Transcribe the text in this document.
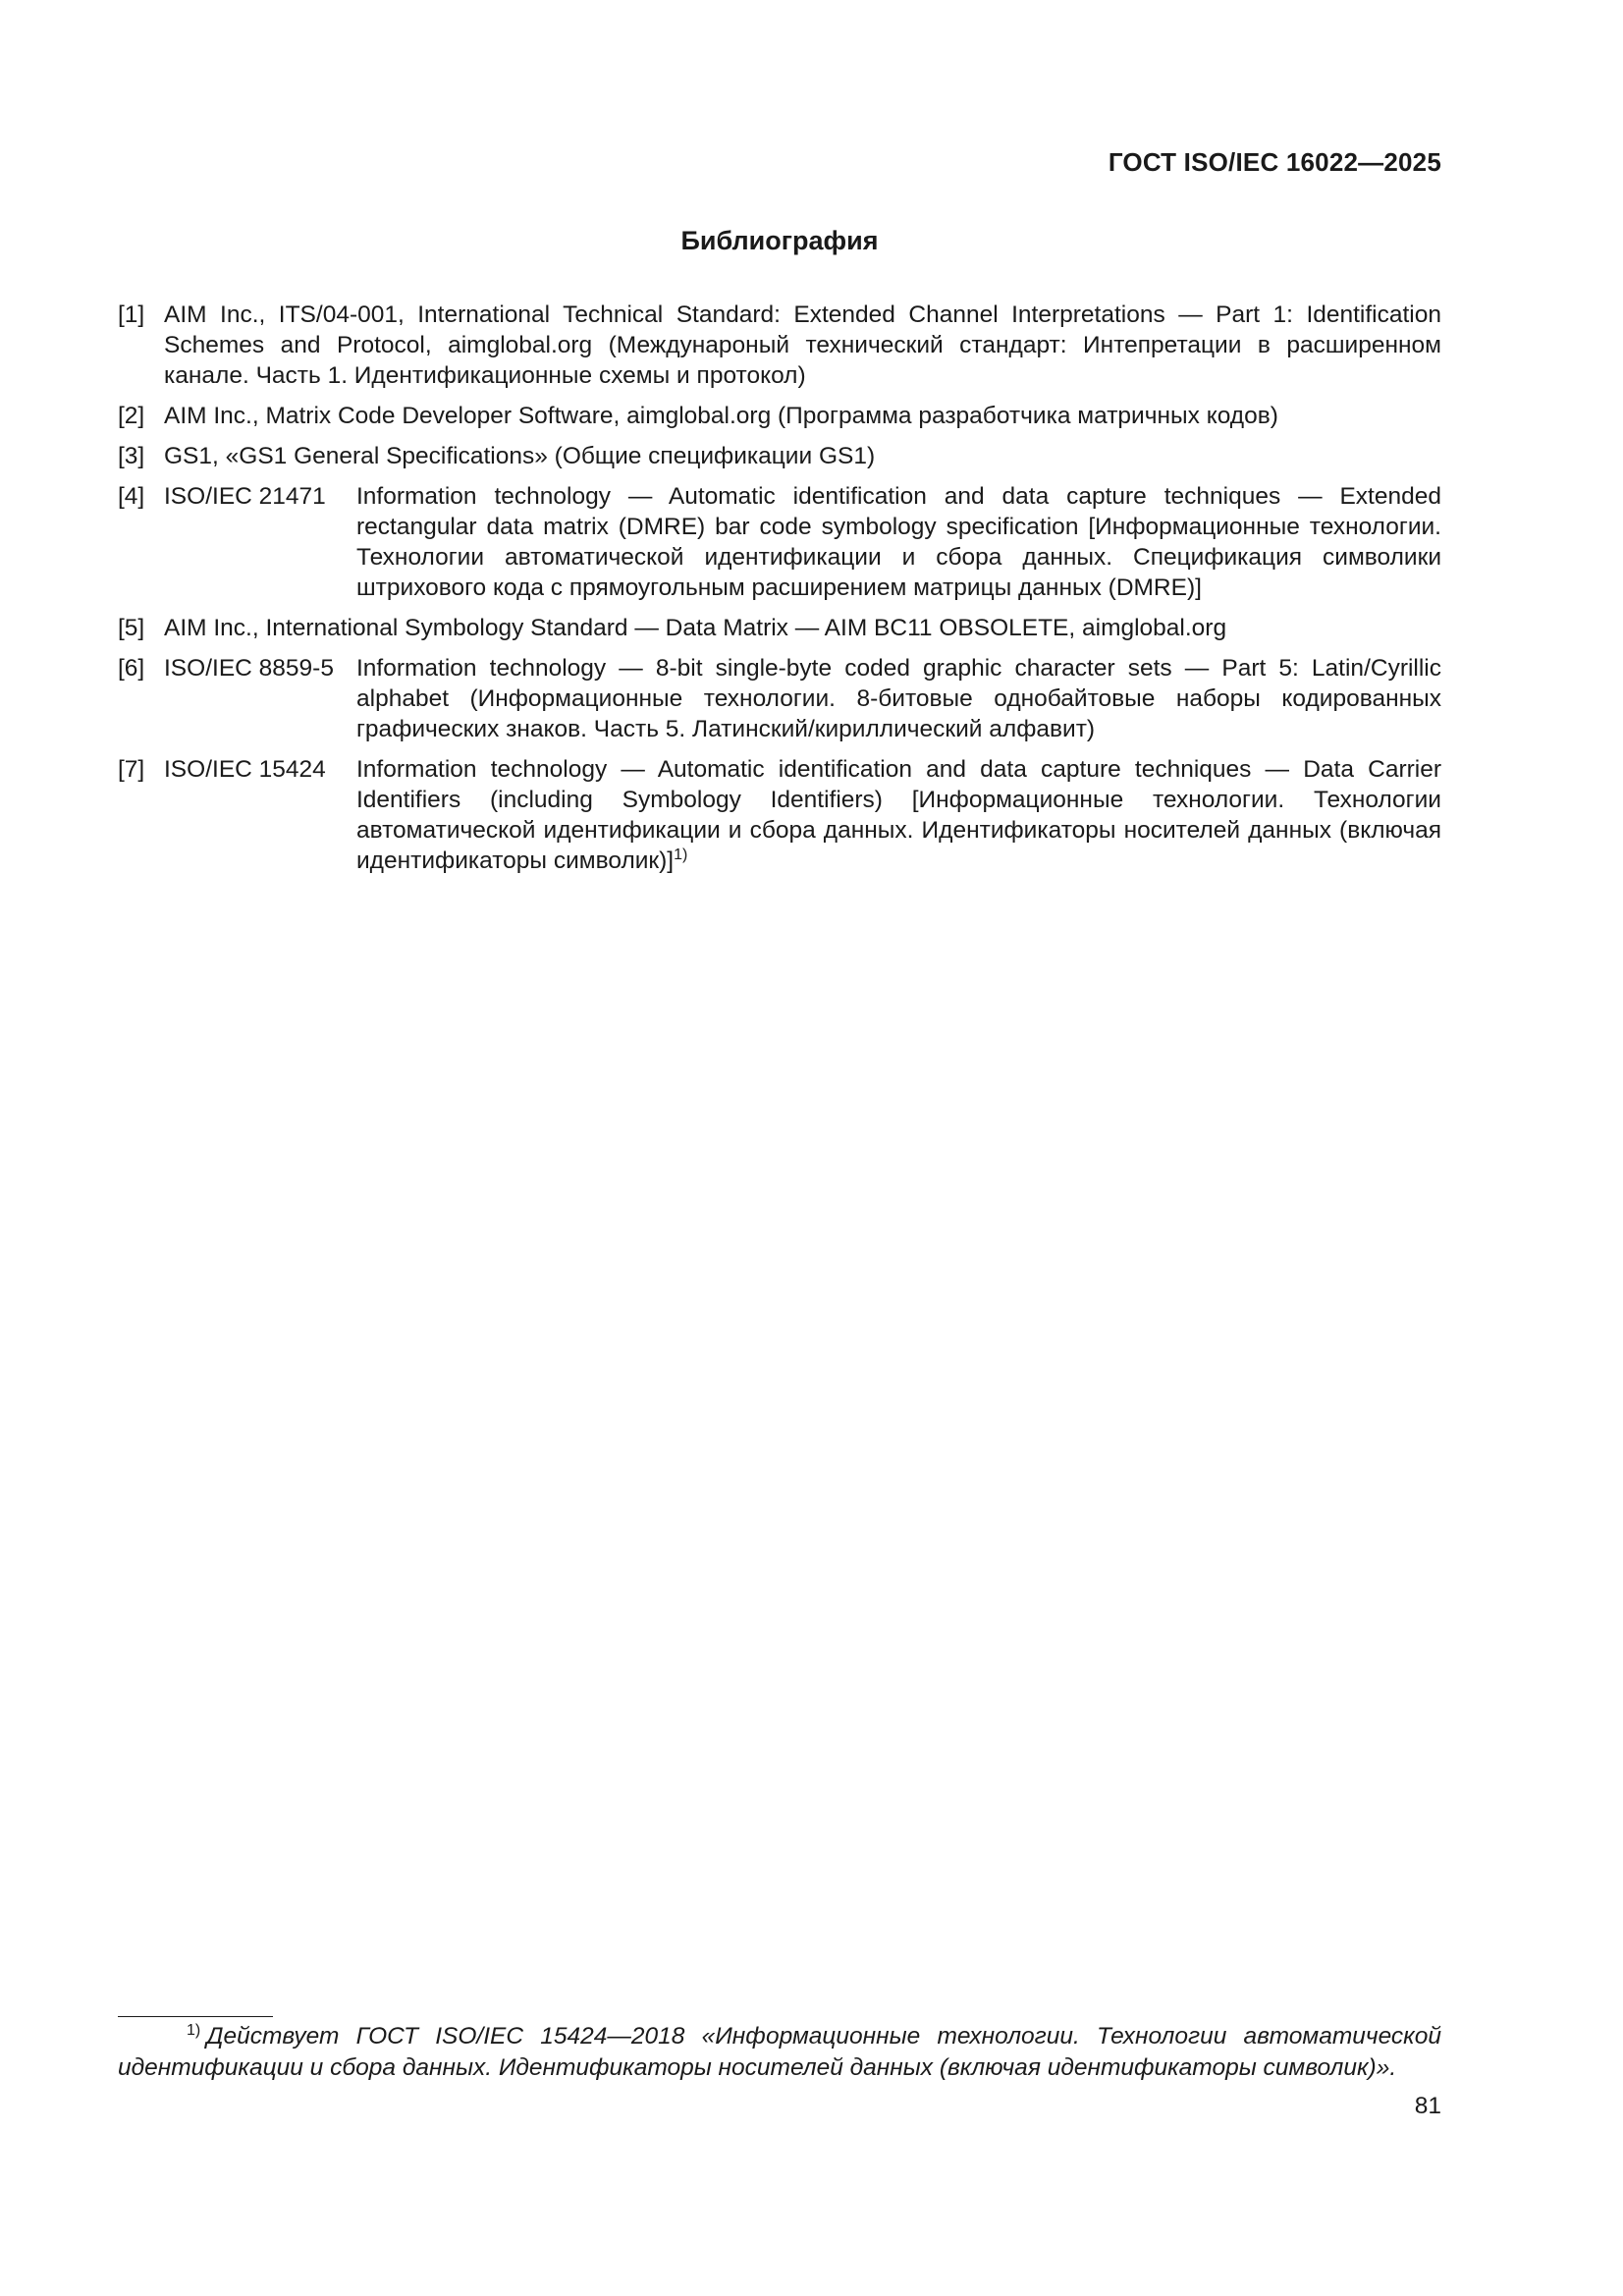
ГОСТ ISO/IEC 16022—2025
Библиография
[1] AIM Inc., ITS/04-001, International Technical Standard: Extended Channel Interpretations — Part 1: Identification Schemes and Protocol, aimglobal.org (Междунароный технический стандарт: Интепретации в расширенном канале. Часть 1. Идентификационные схемы и протокол)
[2] AIM Inc., Matrix Code Developer Software, aimglobal.org (Программа разработчика матричных кодов)
[3] GS1, «GS1 General Specifications» (Общие спецификации GS1)
[4] ISO/IEC 21471 Information technology — Automatic identification and data capture techniques — Extended rectangular data matrix (DMRE) bar code symbology specification [Информационные технологии. Технологии автоматической идентификации и сбора данных. Спецификация символики штрихового кода с прямоугольным расширением матрицы данных (DMRE)]
[5] AIM Inc., International Symbology Standard — Data Matrix — AIM BC11 OBSOLETE, aimglobal.org
[6] ISO/IEC 8859-5 Information technology — 8-bit single-byte coded graphic character sets — Part 5: Latin/Cyrillic alphabet (Информационные технологии. 8-битовые однобайтовые наборы кодированных графических знаков. Часть 5. Латинский/кириллический алфавит)
[7] ISO/IEC 15424 Information technology — Automatic identification and data capture techniques — Data Carrier Identifiers (including Symbology Identifiers) [Информационные технологии. Технологии автоматической идентификации и сбора данных. Идентификаторы носителей данных (включая идентификаторы символик)]$^{1)}$
$^{1)}$ Действует ГОСТ ISO/IEC 15424—2018 «Информационные технологии. Технологии автоматической идентификации и сбора данных. Идентификаторы носителей данных (включая идентификаторы символик)».
81
